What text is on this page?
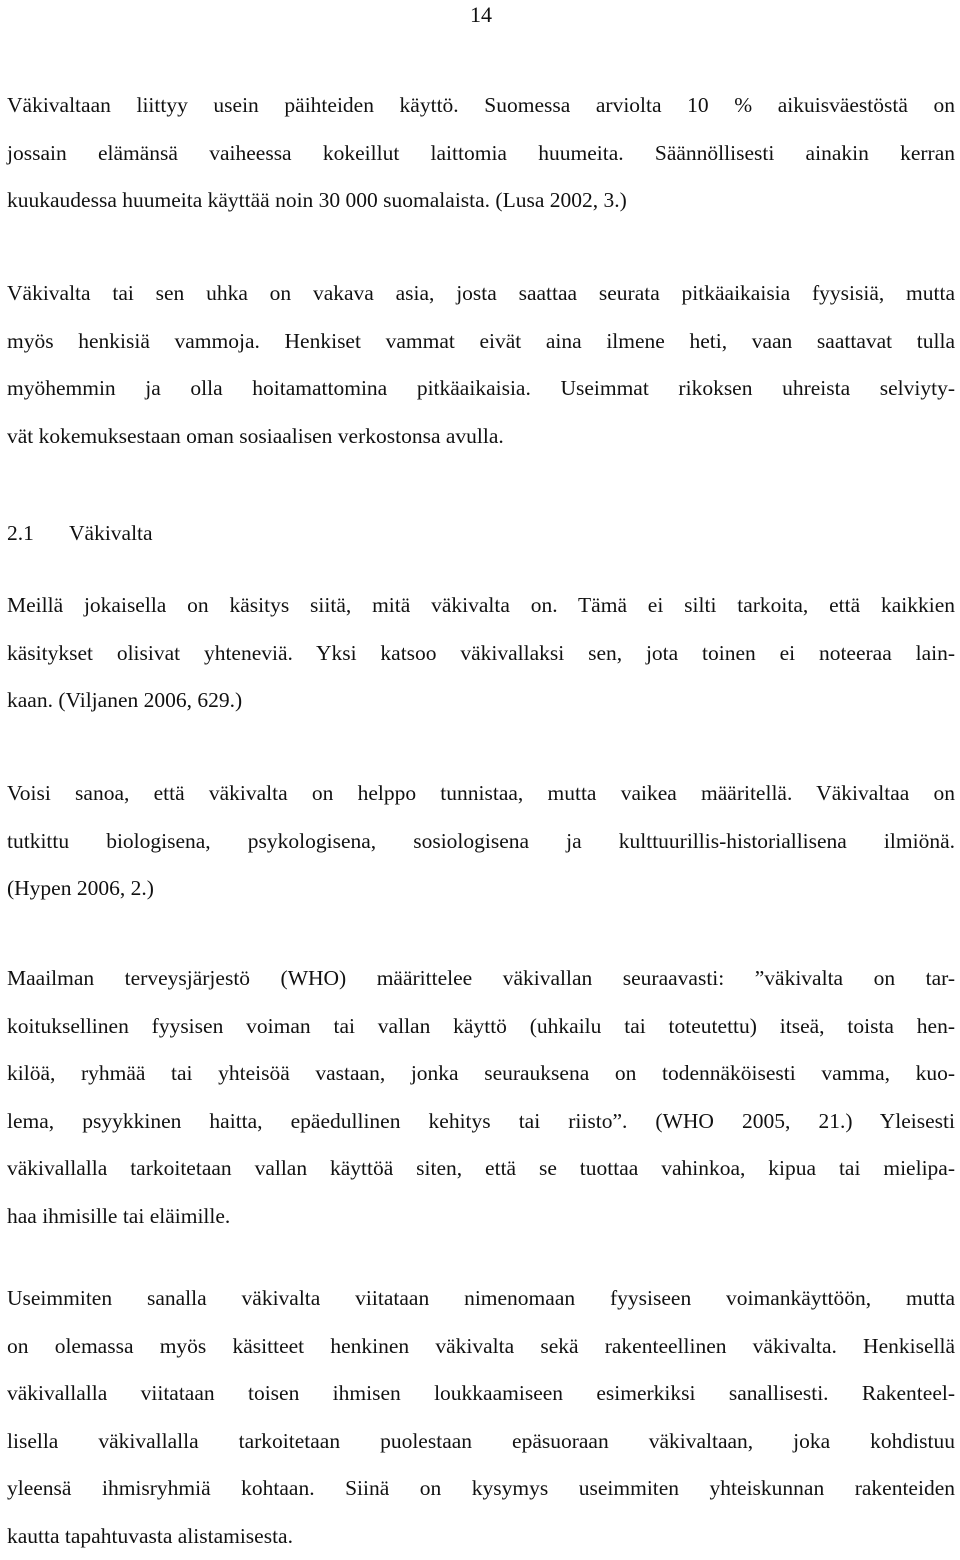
14
Väkivaltaan liittyy usein päihteiden käyttö. Suomessa arviolta 10 % aikuisväestöstä on
jossain elämänsä vaiheessa kokeillut laittomia huumeita. Säännöllisesti ainakin kerran
kuukaudessa huumeita käyttää noin 30 000 suomalaista. (Lusa 2002, 3.)
Väkivalta tai sen uhka on vakava asia, josta saattaa seurata pitkäaikaisia fyysisiä, mutta
myös henkisiä vammoja. Henkiset vammat eivät aina ilmene heti, vaan saattavat tulla
myöhemmin ja olla hoitamattomina pitkäaikaisia. Useimmat rikoksen uhreista selviyty-
vät kokemuksestaan oman sosiaalisen verkostonsa avulla.
2.1 Väkivalta
Meillä jokaisella on käsitys siitä, mitä väkivalta on. Tämä ei silti tarkoita, että kaikkien
käsitykset olisivat yhteneviä. Yksi katsoo väkivallaksi sen, jota toinen ei noteeraa lain-
kaan. (Viljanen 2006, 629.)
Voisi sanoa, että väkivalta on helppo tunnistaa, mutta vaikea määritellä. Väkivaltaa on
tutkittu biologisena, psykologisena, sosiologisena ja kulttuurillis-historiallisena ilmiönä.
(Hypen 2006, 2.)
Maailman terveysjärjestö (WHO) määrittelee väkivallan seuraavasti: ”väkivalta on tar-
koituksellinen fyysisen voiman tai vallan käyttö (uhkailu tai toteutettu) itseä, toista hen-
kilöä, ryhmää tai yhteisöä vastaan, jonka seurauksena on todennäköisesti vamma, kuo-
lema, psyykkinen haitta, epäedullinen kehitys tai riisto”. (WHO 2005, 21.) Yleisesti
väkivallalla tarkoitetaan vallan käyttöä siten, että se tuottaa vahinkoa, kipua tai mielipa-
haa ihmisille tai eläimille.
Useimmiten sanalla väkivalta viitataan nimenomaan fyysiseen voimankäyttöön, mutta
on olemassa myös käsitteet henkinen väkivalta sekä rakenteellinen väkivalta. Henkisellä
väkivallalla viitataan toisen ihmisen loukkaamiseen esimerkiksi sanallisesti. Rakenteel-
lisella väkivallalla tarkoitetaan puolestaan epäsuoraan väkivaltaan, joka kohdistuu
yleensä ihmisryhmiä kohtaan. Siinä on kysymys useimmiten yhteiskunnan rakenteiden
kautta tapahtuvasta alistamisesta.
